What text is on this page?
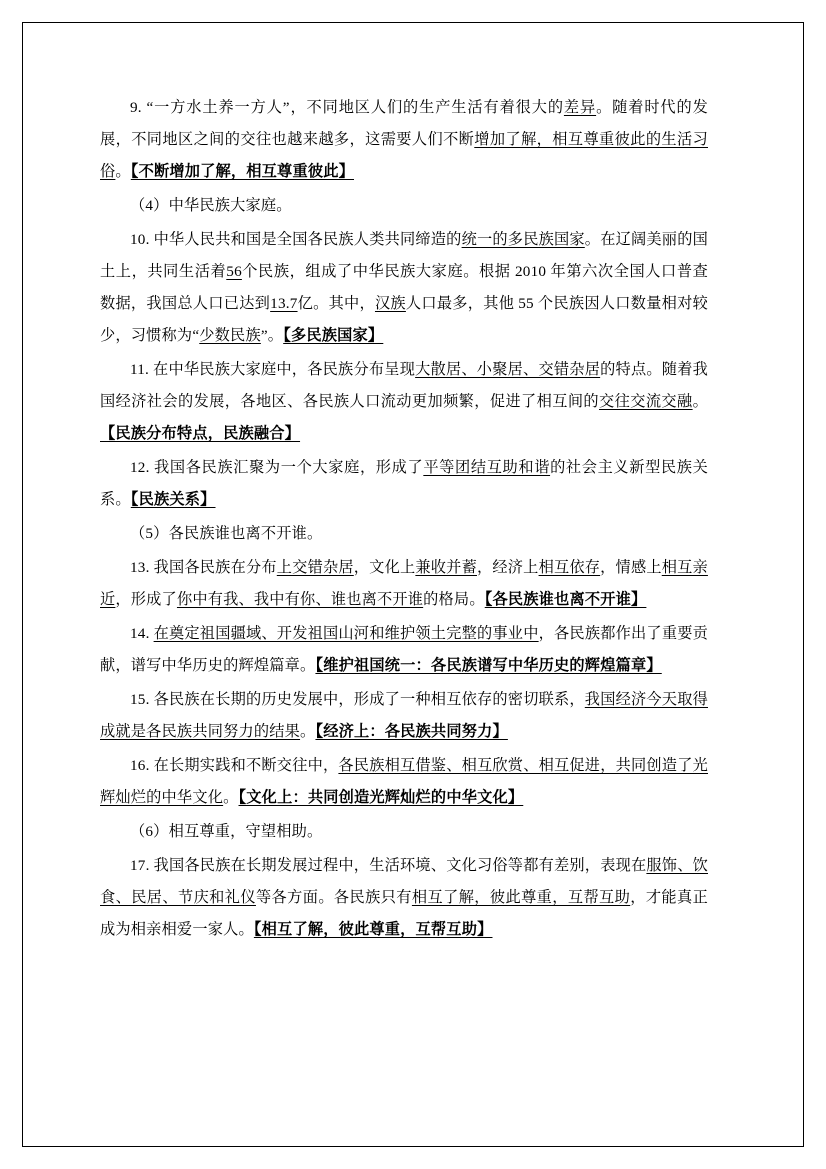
9. “一方水土养一方人”，不同地区人们的生产生活有着很大的差异。随着时代的发展，不同地区之间的交往也越来越多，这需要人们不断增加了解，相互尊重彼此的生活习俗。【不断增加了解，相互尊重彼此】

（4）中华民族大家庭。

10. 中华人民共和国是全国各民族人类共同缔造的统一的多民族国家。在辽阔美丽的国土上，共同生活着56个民族，组成了中华民族大家庭。根据 2010 年第六次全国人口普查数据，我国总人口已达到13.7亿。其中，汉族人口最多，其他 55 个民族因人口数量相对较少，习惯称为“少数民族”。【多民族国家】

11. 在中华民族大家庭中，各民族分布呈现大散居、小聚居、交错杂居的特点。随着我国经济社会的发展，各地区、各民族人口流动更加频繁，促进了相互间的交往交流交融。【民族分布特点，民族融合】

12. 我国各民族汇聚为一个大家庭，形成了平等团结互助和谐的社会主义新型民族关系。【民族关系】

（5）各民族谁也离不开谁。

13. 我国各民族在分布上交错杂居，文化上兼收并蓄，经济上相互依存，情感上相互亲近，形成了你中有我、我中有你、谁也离不开谁的格局。【各民族谁也离不开谁】

14. 在奠定祖国疆域、开发祖国山河和维护领土完整的事业中，各民族都作出了重要贡献，谱写中华历史的辉煌篇章。【维护祖国统一：各民族谱写中华历史的辉煌篇章】

15. 各民族在长期的历史发展中，形成了一种相互依存的密切联系，我国经济今天取得成就是各民族共同努力的结果。【经济上：各民族共同努力】

16. 在长期实践和不断交往中，各民族相互借鉴、相互欣赏、相互促进，共同创造了光辉灿烂的中华文化。【文化上：共同创造光辉灿烂的中华文化】

（6）相互尊重，守望相助。

17. 我国各民族在长期发展过程中，生活环境、文化习俗等都有差别，表现在服饰、饮食、民居、节庆和礼仪等各方面。各民族只有相互了解，彼此尊重，互帮互助，才能真正成为相亲相爱一家人。【相互了解，彼此尊重，互帮互助】
